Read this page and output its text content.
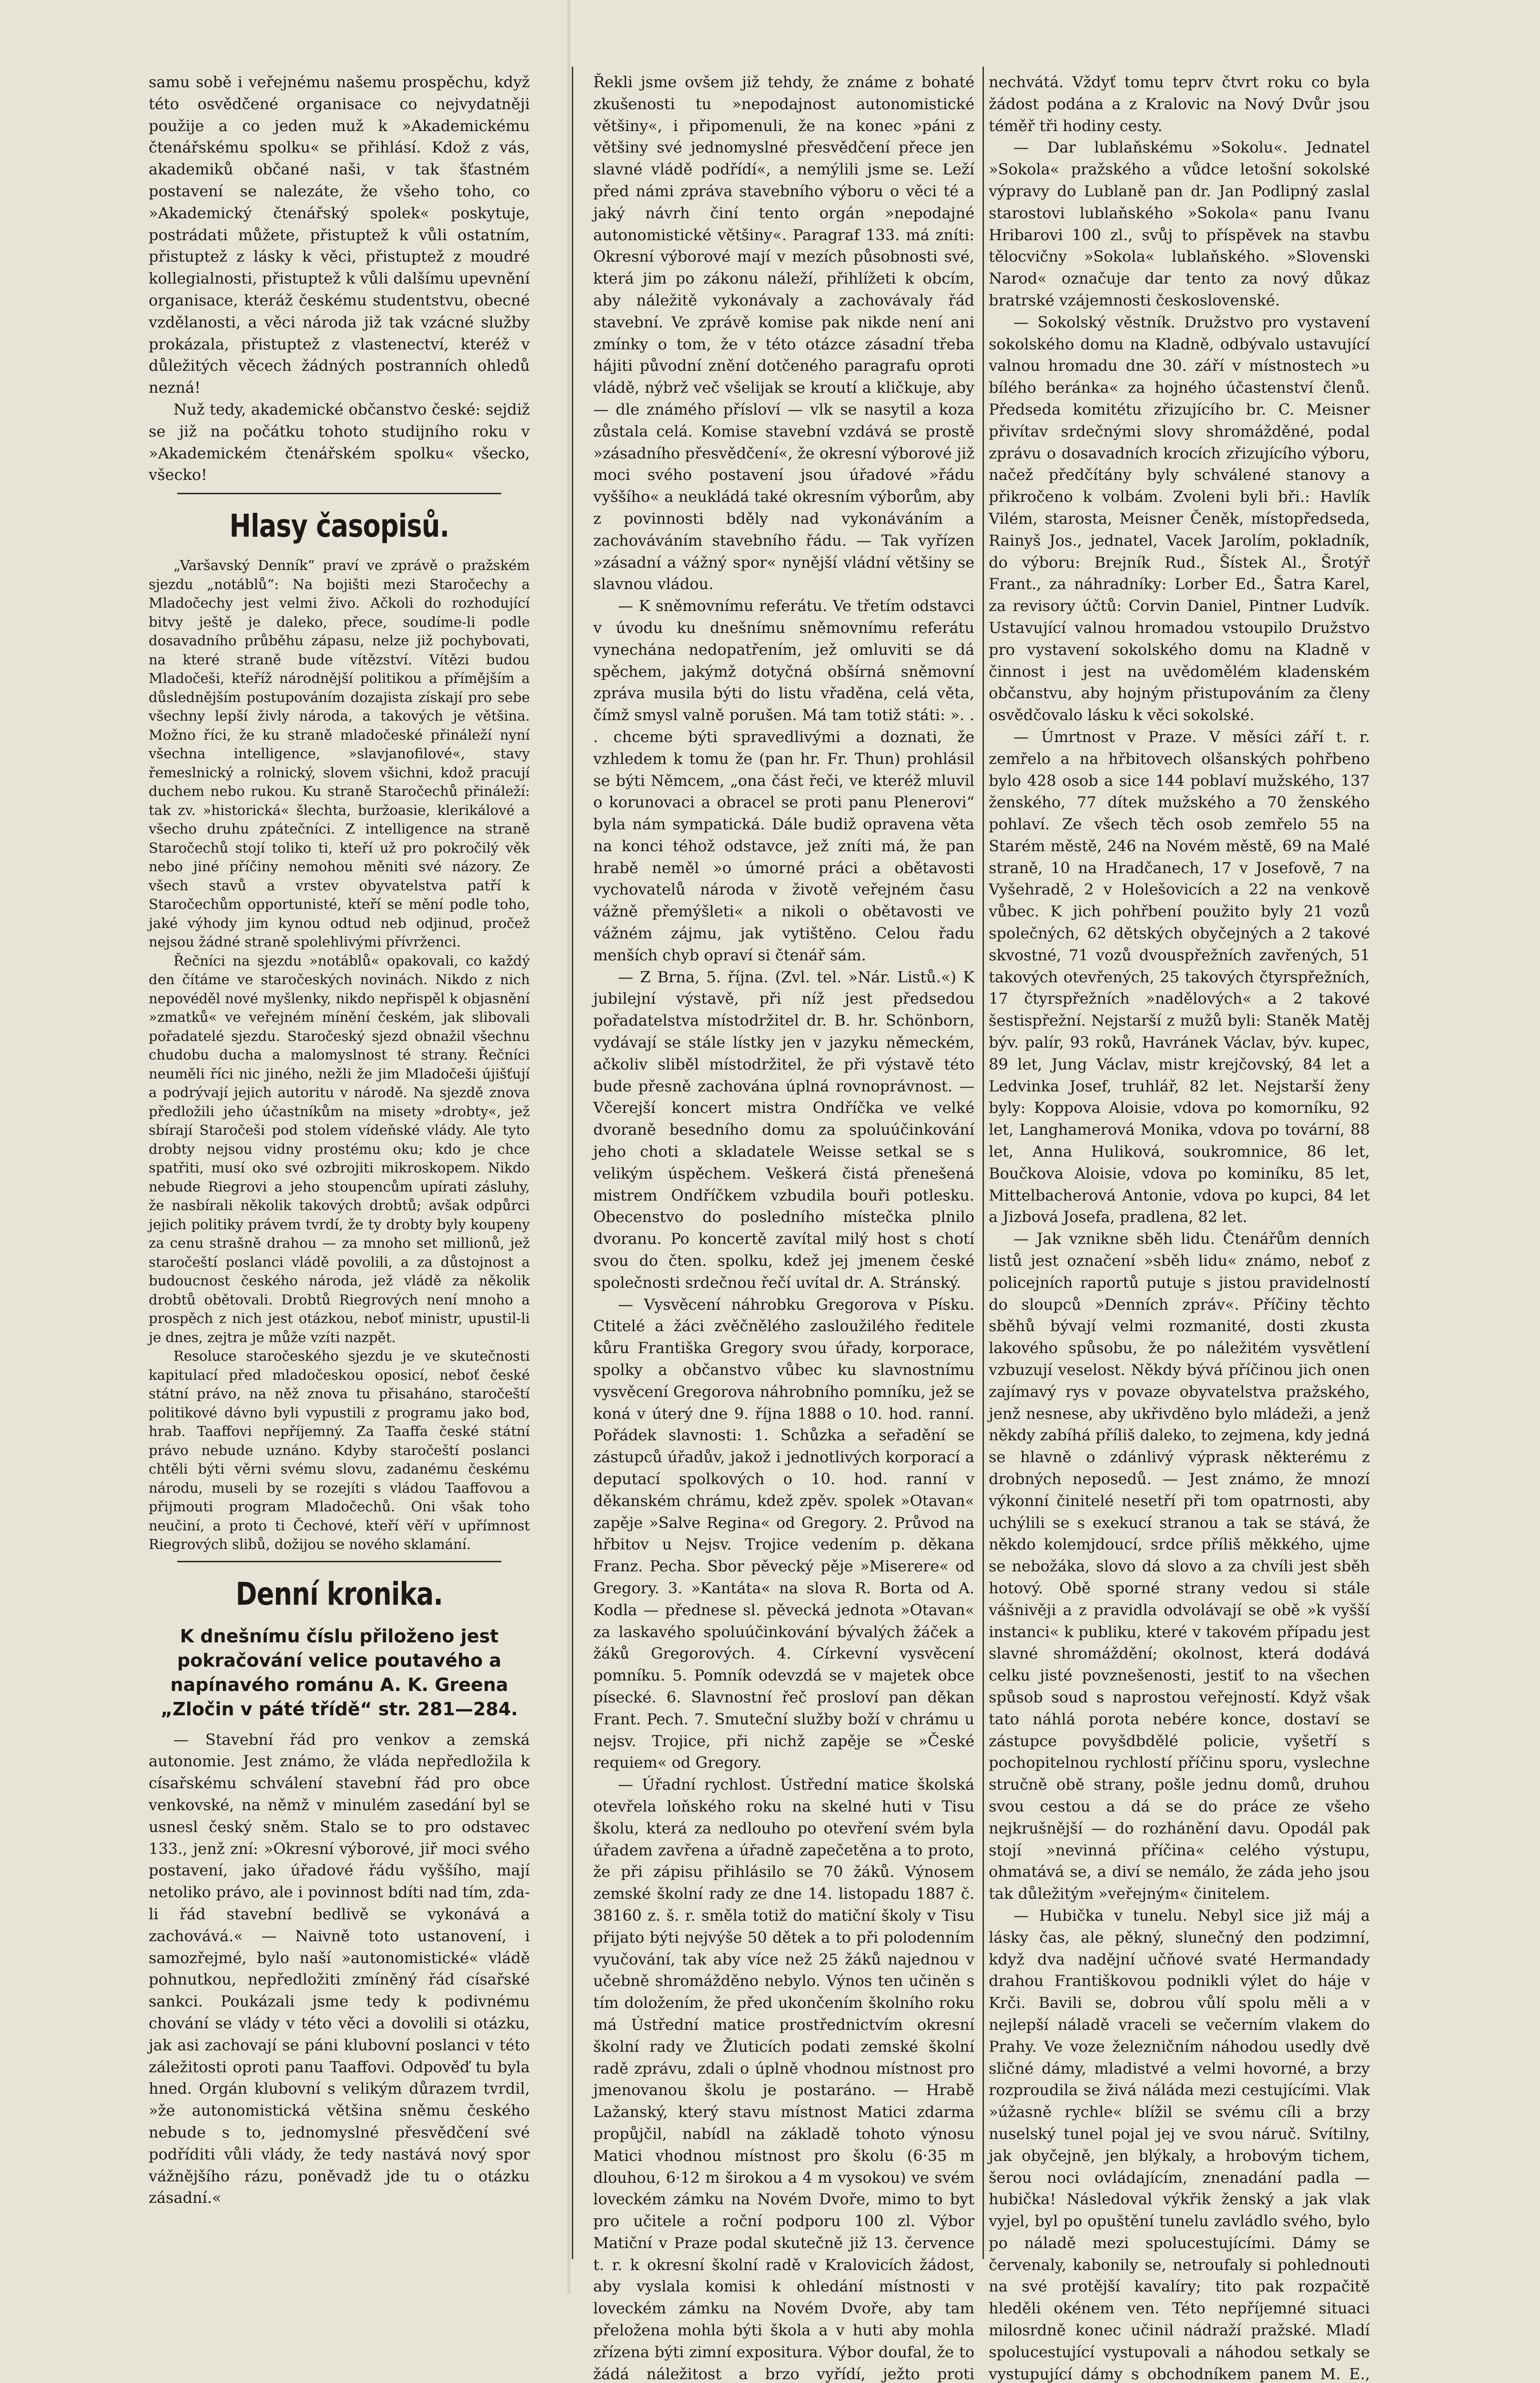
samu sobě i veřejnému našemu prospěchu, když této osvědčené organisace co nejvydatněji použije a co jeden muž k »Akademickému čtenářskému spolku« se přihlásí. Kdož z vás, akademiků občané naši, v tak šťastném postavení se nalezáte, že všeho toho, co »Akademický čtenářský spolek« poskytuje, postrádati můžete, přistuptež k vůli ostatním, přistuptež z lásky k věci, přistuptež z moudré kollegialnosti, přistuptež k vůli dalšímu upevnění organisace, kteráž českému studentstvu, obecné vzdělanosti, a věci národa již tak vzácné služby prokázala, přistuptež z vlastenectví, kteréž v důležitých věcech žádných postranních ohledů nezná!

Nuž tedy, akademické občanstvo české: sejdiž se již na počátku tohoto studijního roku v »Akademickém čtenářském spolku« všecko, všecko!

Hlasy časopisů.

„Varšavský Denník“ praví ve zprávě o pražském sjezdu „notáblů“: Na bojišti mezi Staročechy a Mladočechy jest velmi živo. Ačkoli do rozhodující bitvy ještě je daleko, přece, soudíme-li podle dosavadního průběhu zápasu, nelze již pochybovati, na které straně bude vítězství. Vítězi budou Mladočeši, kteříž národnější politikou a přímějším a důslednějším postupováním dozajista získají pro sebe všechny lepší živly národa, a takových je většina. Možno říci, že ku straně mladočeské přináleží nyní všechna intelligence, »slavjanofilové«, stavy řemeslnický a rolnický, slovem všichni, kdož pracují duchem nebo rukou. Ku straně Staročechů přináleží: tak zv. »historická« šlechta, buržoasie, klerikálové a všecho druhu zpátečníci. Z intelligence na straně Staročechů stojí toliko ti, kteří už pro pokročilý věk nebo jiné příčiny nemohou měniti své názory. Ze všech stavů a vrstev obyvatelstva patří k Staročechům opportunisté, kteří se mění podle toho, jaké výhody jim kynou odtud neb odjinud, pročež nejsou žádné straně spolehlivými přívrženci.

Řečníci na sjezdu »notáblů« opakovali, co každý den čítáme ve staročeských novinách. Nikdo z nich nepovéděl nové myšlenky, nikdo nepřispěl k objasnění »zmatků« ve veřejném mínění českém, jak slibovali pořadatelé sjezdu. Staročeský sjezd obnažil všechnu chudobu ducha a malomyslnost té strany. Řečníci neuměli říci nic jiného, nežli že jim Mladočeši újišťují a podrývají jejich autoritu v národě. Na sjezdě znova předložili jeho účastníkům na misety »drobty«, jež sbírají Staročeši pod stolem vídeňské vlády. Ale tyto drobty nejsou vidny prostému oku; kdo je chce spatřiti, musí oko své ozbrojiti mikroskopem. Nikdo nebude Riegrovi a jeho stoupencům upírati zásluhy, že nasbírali několik takových drobtů; avšak odpůrci jejich politiky právem tvrdí, že ty drobty byly koupeny za cenu strašně drahou — za mnoho set millionů, jež staročeští poslanci vládě povolili, a za důstojnost a budoucnost českého národa, jež vládě za několik drobtů obětovali. Drobtů Riegrových není mnoho a prospěch z nich jest otázkou, neboť ministr, upustil-li je dnes, zejtra je může vzíti nazpět.

Resoluce staročeského sjezdu je ve skutečnosti kapitulací před mladočeskou oposicí, neboť české státní právo, na něž znova tu přisaháno, staročeští politikové dávno byli vypustili z programu jako bod, hrab. Taaffovi nepříjemný. Za Taaffa české státní právo nebude uznáno. Kdyby staročeští poslanci chtěli býti věrni svému slovu, zadanému českému národu, museli by se rozejíti s vládou Taaffovou a přijmouti program Mladočechů. Oni však toho neučiní, a proto ti Čechové, kteří věří v upřímnost Riegrových slibů, dožijou se nového sklamání.

Denní kronika.
K dnešnímu číslu přiloženo jest pokračování velice poutavého a napínavého románu A. K. Greena „Zločin v páté třídě“ str. 281—284.

— Stavební řád pro venkov a zemská autonomie. Jest známo, že vláda nepředložila k císařskému schválení stavební řád pro obce venkovské, na němž v minulém zasedání byl se usnesl český sněm. Stalo se to pro odstavec 133., jenž zní: »Okresní výborové, jiř moci svého postavení, jako úřadové řádu vyššího, mají netoliko právo, ale i povinnost bdíti nad tím, zda-li řád stavební bedlivě se vykonává a zachovává.« — Naivně toto ustanovení, i samozřejmé, bylo naší »autonomistické« vládě pohnutkou, nepředložiti zmíněný řád císařské sankci. Poukázali jsme tedy k podivnému chování se vlády v této věci a dovolili si otázku, jak asi zachovají se páni klubovní poslanci v této záležitosti oproti panu Taaffovi. Odpověď tu byla hned. Orgán klubovní s velikým důrazem tvrdil, »že autonomistická většina sněmu českého nebude s to, jednomyslné přesvědčení své podříditi vůli vlády, že tedy nastává nový spor vážnějšího rázu, poněvadž jde tu o otázku zásadní.«

Řekli jsme ovšem již tehdy, že známe z bohaté zkušenosti tu »nepodajnost autonomistické většiny«, i připomenuli, že na konec »páni z většiny své jednomyslné přesvědčení přece jen slavné vládě podřídí«, a nemýlili jsme se. Leží před námi zpráva stavebního výboru o věci té a jaký návrh činí tento orgán »nepodajné autonomistické většiny«. Paragraf 133. má zníti: Okresní výborové mají v mezích působnosti své, která jim po zákonu náleží, přihlížeti k obcím, aby náležitě vykonávaly a zachovávaly řád stavební. Ve zprávě komise pak nikde není ani zmínky o tom, že v této otázce zásadní třeba hájiti původní znění dotčeného paragrafu oproti vládě, nýbrž več všelijak se kroutí a kličkuje, aby — dle známého přísloví — vlk se nasytil a koza zůstala celá. Komise stavební vzdává se prostě »zásadního přesvědčení«, že okresní výborové již moci svého postavení jsou úřadové »řádu vyššího« a neukládá také okresním výborům, aby z povinnosti bděly nad vykonáváním a zachováváním stavebního řádu. — Tak vyřízen »zásadní a vážný spor« nynější vládní většiny se slavnou vládou.

— K sněmovnímu referátu. Ve třetím odstavci v úvodu ku dnešnímu sněmovnímu referátu vynechána nedopatřením, jež omluviti se dá spěchem, jakýmž dotyčná obšírná sněmovní zpráva musila býti do listu vřaděna, celá věta, čímž smysl valně porušen. Má tam totiž státi: ». . . chceme býti spravedlivými a doznati, že vzhledem k tomu že (pan hr. Fr. Thun) prohlásil se býti Němcem, „ona část řeči, ve kteréž mluvil o korunovaci a obracel se proti panu Plenerovi“ byla nám sympatická. Dále budiž opravena věta na konci téhož odstavce, jež zníti má, že pan hrabě neměl »o úmorné práci a obětavosti vychovatelů národa v životě veřejném času vážně přemýšleti« a nikoli o obětavosti ve vážném zájmu, jak vytištěno. Celou řadu menších chyb opraví si čtenář sám.

— Z Brna, 5. října. (Zvl. tel. »Nár. Listů.«) K jubilejní výstavě, při níž jest předsedou pořadatelstva místodržitel dr. B. hr. Schönborn, vydávají se stále lístky jen v jazyku německém, ačkoliv sliběl místodržitel, že při výstavě této bude přesně zachována úplná rovnoprávnost. — Včerejší koncert mistra Ondříčka ve velké dvoraně besedního domu za spoluúčinkování jeho choti a skladatele Weisse setkal se s velikým úspěchem. Veškerá čistá přenešená mistrem Ondříčkem vzbudila bouři potlesku. Obecenstvo do posledního místečka plnilo dvoranu. Po koncertě zavítal milý host s chotí svou do čten. spolku, kdež jej jmenem české společnosti srdečnou řečí uvítal dr. A. Stránský.

— Vysvěcení náhrobku Gregorova v Písku. Ctitelé a žáci zvěčnělého zasloužilého ředitele kůru Františka Gregory svou úřady, korporace, spolky a občanstvo vůbec ku slavnostnímu vysvěcení Gregorova náhrobního pomníku, jež se koná v úterý dne 9. října 1888 o 10. hod. ranní. Pořádek slavnosti: 1. Schůzka a seřadění se zástupců úřadův, jakož i jednotlivých korporací a deputací spolkových o 10. hod. ranní v děkanském chrámu, kdež zpěv. spolek »Otavan« zapěje »Salve Regina« od Gregory. 2. Průvod na hřbitov u Nejsv. Trojice vedením p. děkana Franz. Pecha. Sbor pěvecký pěje »Miserere« od Gregory. 3. »Kantáta« na slova R. Borta od A. Kodla — přednese sl. pěvecká jednota »Otavan« za laskavého spoluúčinkování bývalých žáček a žáků Gregorových. 4. Církevní vysvěcení pomníku. 5. Pomník odevzdá se v majetek obce písecké. 6. Slavnostní řeč prosloví pan děkan Frant. Pech. 7. Smuteční služby boží v chrámu u nejsv. Trojice, při nichž zapěje se »České requiem« od Gregory.

— Úřadní rychlost. Ústřední matice školská otevřela loňského roku na skelné huti v Tisu školu, která za nedlouho po otevření svém byla úřadem zavřena a úřadně zapečetěna a to proto, že při zápisu přihlásilo se 70 žáků. Výnosem zemské školní rady ze dne 14. listopadu 1887 č. 38160 z. š. r. směla totiž do matiční školy v Tisu přijato býti nejvýše 50 dětek a to při polodenním vyučování, tak aby více než 25 žáků najednou v učebně shromážděno nebylo. Výnos ten učiněn s tím doložením, že před ukončením školního roku má Ústřední matice prostřednictvím okresní školní rady ve Žluticích podati zemské školní radě zprávu, zdali o úplně vhodnou místnost pro jmenovanou školu je postaráno. — Hrabě Lažanský, který stavu místnost Matici zdarma propůjčil, nabídl na základě tohoto výnosu Matici vhodnou místnost pro školu (6·35 m dlouhou, 6·12 m širokou a 4 m vysokou) ve svém loveckém zámku na Novém Dvoře, mimo to byt pro učitele a roční podporu 100 zl. Výbor Matiční v Praze podal skutečně již 13. července t. r. k okresní školní radě v Kralovicích žádost, aby vyslala komisi k ohledání místnosti v loveckém zámku na Novém Dvoře, aby tam přeložena mohla býti škola a v huti aby mohla zřízena býti zimní expositura. Výbor doufal, že to žádá náležitost a brzo vyřídí, ježto proti

nechvátá. Vždyť tomu teprv čtvrt roku co byla žádost podána a z Kralovic na Nový Dvůr jsou téměř tři hodiny cesty.

— Dar lublaňskému »Sokolu«. Jednatel »Sokola« pražského a vůdce letošní sokolské výpravy do Lublaně pan dr. Jan Podlipný zaslal starostovi lublaňského »Sokola« panu Ivanu Hribarovi 100 zl., svůj to příspěvek na stavbu tělocvičny »Sokola« lublaňského. »Slovenski Narod« označuje dar tento za nový důkaz bratrské vzájemnosti československé.

— Sokolský věstník. Družstvo pro vystavení sokolského domu na Kladně, odbývalo ustavující valnou hromadu dne 30. září v místnostech »u bílého beránka« za hojného účastenství členů. Předseda komitétu zřizujícího br. C. Meisner přivítav srdečnými slovy shromážděné, podal zprávu o dosavadních krocích zřizujícího výboru, načež předčítány byly schválené stanovy a přikročeno k volbám. Zvoleni byli bři.: Havlík Vilém, starosta, Meisner Čeněk, místopředseda, Rainyš Jos., jednatel, Vacek Jarolím, pokladník, do výboru: Brejník Rud., Šístek Al., Šrotýř Frant., za náhradníky: Lorber Ed., Šatra Karel, za revisory účtů: Corvin Daniel, Pintner Ludvík. Ustavující valnou hromadou vstoupilo Družstvo pro vystavení sokolského domu na Kladně v činnost i jest na uvědomělém kladenském občanstvu, aby hojným přistupováním za členy osvědčovalo lásku k věci sokolské.

— Úmrtnost v Praze. V měsíci září t. r. zemřelo a na hřbitovech olšanských pohřbeno bylo 428 osob a sice 144 poblaví mužského, 137 ženského, 77 dítek mužského a 70 ženského pohlaví. Ze všech těch osob zemřelo 55 na Starém městě, 246 na Novém městě, 69 na Malé straně, 10 na Hradčanech, 17 v Josefově, 7 na Vyšehradě, 2 v Holešovicích a 22 na venkově vůbec. K jich pohřbení použito byly 21 vozů společných, 62 dětských obyčejných a 2 takové skvostné, 71 vozů dvouspřežních zavřených, 51 takových otevřených, 25 takových čtyrspřežních, 17 čtyrspřežních »nadělových« a 2 takové šestispřežní. Nejstarší z mužů byli: Staněk Matěj býv. palír, 93 roků, Havránek Václav, býv. kupec, 89 let, Jung Václav, mistr krejčovský, 84 let a Ledvinka Josef, truhlář, 82 let. Nejstarší ženy byly: Koppova Aloisie, vdova po komorníku, 92 let, Langhamerová Monika, vdova po tovární, 88 let, Anna Huliková, soukromnice, 86 let, Boučkova Aloisie, vdova po kominíku, 85 let, Mittelbacherová Antonie, vdova po kupci, 84 let a Jizbová Josefa, pradlena, 82 let.

— Jak vznikne sběh lidu. Čtenářům denních listů jest označení »sběh lidu« známo, neboť z policejních raportů putuje s jistou pravidelností do sloupců »Denních zpráv«. Příčiny těchto sběhů bývají velmi rozmanité, dosti zkusta lakového spůsobu, že po náležitém vysvětlení vzbuzují veselost. Někdy bývá příčinou jich onen zajímavý rys v povaze obyvatelstva pražského, jenž nesnese, aby ukřivděno bylo mládeži, a jenž někdy zabíhá příliš daleko, to zejmena, kdy jedná se hlavně o zdánlivý výprask některému z drobných neposedů. — Jest známo, že mnozí výkonní činitelé nesetří při tom opatrnosti, aby uchýlili se s exekucí stranou a tak se stává, že někdo kolemjdoucí, srdce příliš měkkého, ujme se nebožáka, slovo dá slovo a za chvíli jest sběh hotový. Obě sporné strany vedou si stále vášnivěji a z pravidla odvolávají se obě »k vyšší instanci« k publiku, které v takovém případu jest slavné shromáždění; okolnost, která dodává celku jisté povznešenosti, jestiť to na všechen spůsob soud s naprostou veřejností. Když však tato náhlá porota nebére konce, dostaví se zástupce povyšdbdělé policie, vyšetří s pochopitelnou rychlostí příčinu sporu, vyslechne stručně obě strany, pošle jednu domů, druhou svou cestou a dá se do práce ze všeho nejkrušnější — do rozhánění davu. Opodál pak stojí »nevinná příčina« celého výstupu, ohmatává se, a diví se nemálo, že záda jeho jsou tak důležitým »veřejným« činitelem.

— Hubička v tunelu. Nebyl sice již máj a lásky čas, ale pěkný, slunečný den podzimní, když dva nadějní učňové svaté Hermandady drahou Františkovou podnikli výlet do háje v Krči. Bavili se, dobrou vůlí spolu měli a v nejlepší náladě vraceli se večerním vlakem do Prahy. Ve voze železničním náhodou usedly dvě sličné dámy, mladistvé a velmi hovorné, a brzy rozproudila se živá náláda mezi cestujícími. Vlak »úžasně rychle« blížil se svému cíli a brzy nuselský tunel pojal jej ve svou náruč. Svítilny, jak obyčejně, jen blýkaly, a hrobovým tichem, šerou noci ovládajícím, znenadání padla — hubička! Následoval výkřik ženský a jak vlak vyjel, byl po opuštění tunelu zavládlo svého, bylo po náladě mezi spolucestujícími. Dámy se červenaly, kabonily se, netroufaly si pohlednouti na své protější kavalíry; tito pak rozpačitě hleděli okénem ven. Této nepříjemné situaci milosrdně konec učinil nádraží pražské. Mladí spolucestující vystupovali a náhodou setkaly se vystupující dámy s obchodníkem panem M. E.,
